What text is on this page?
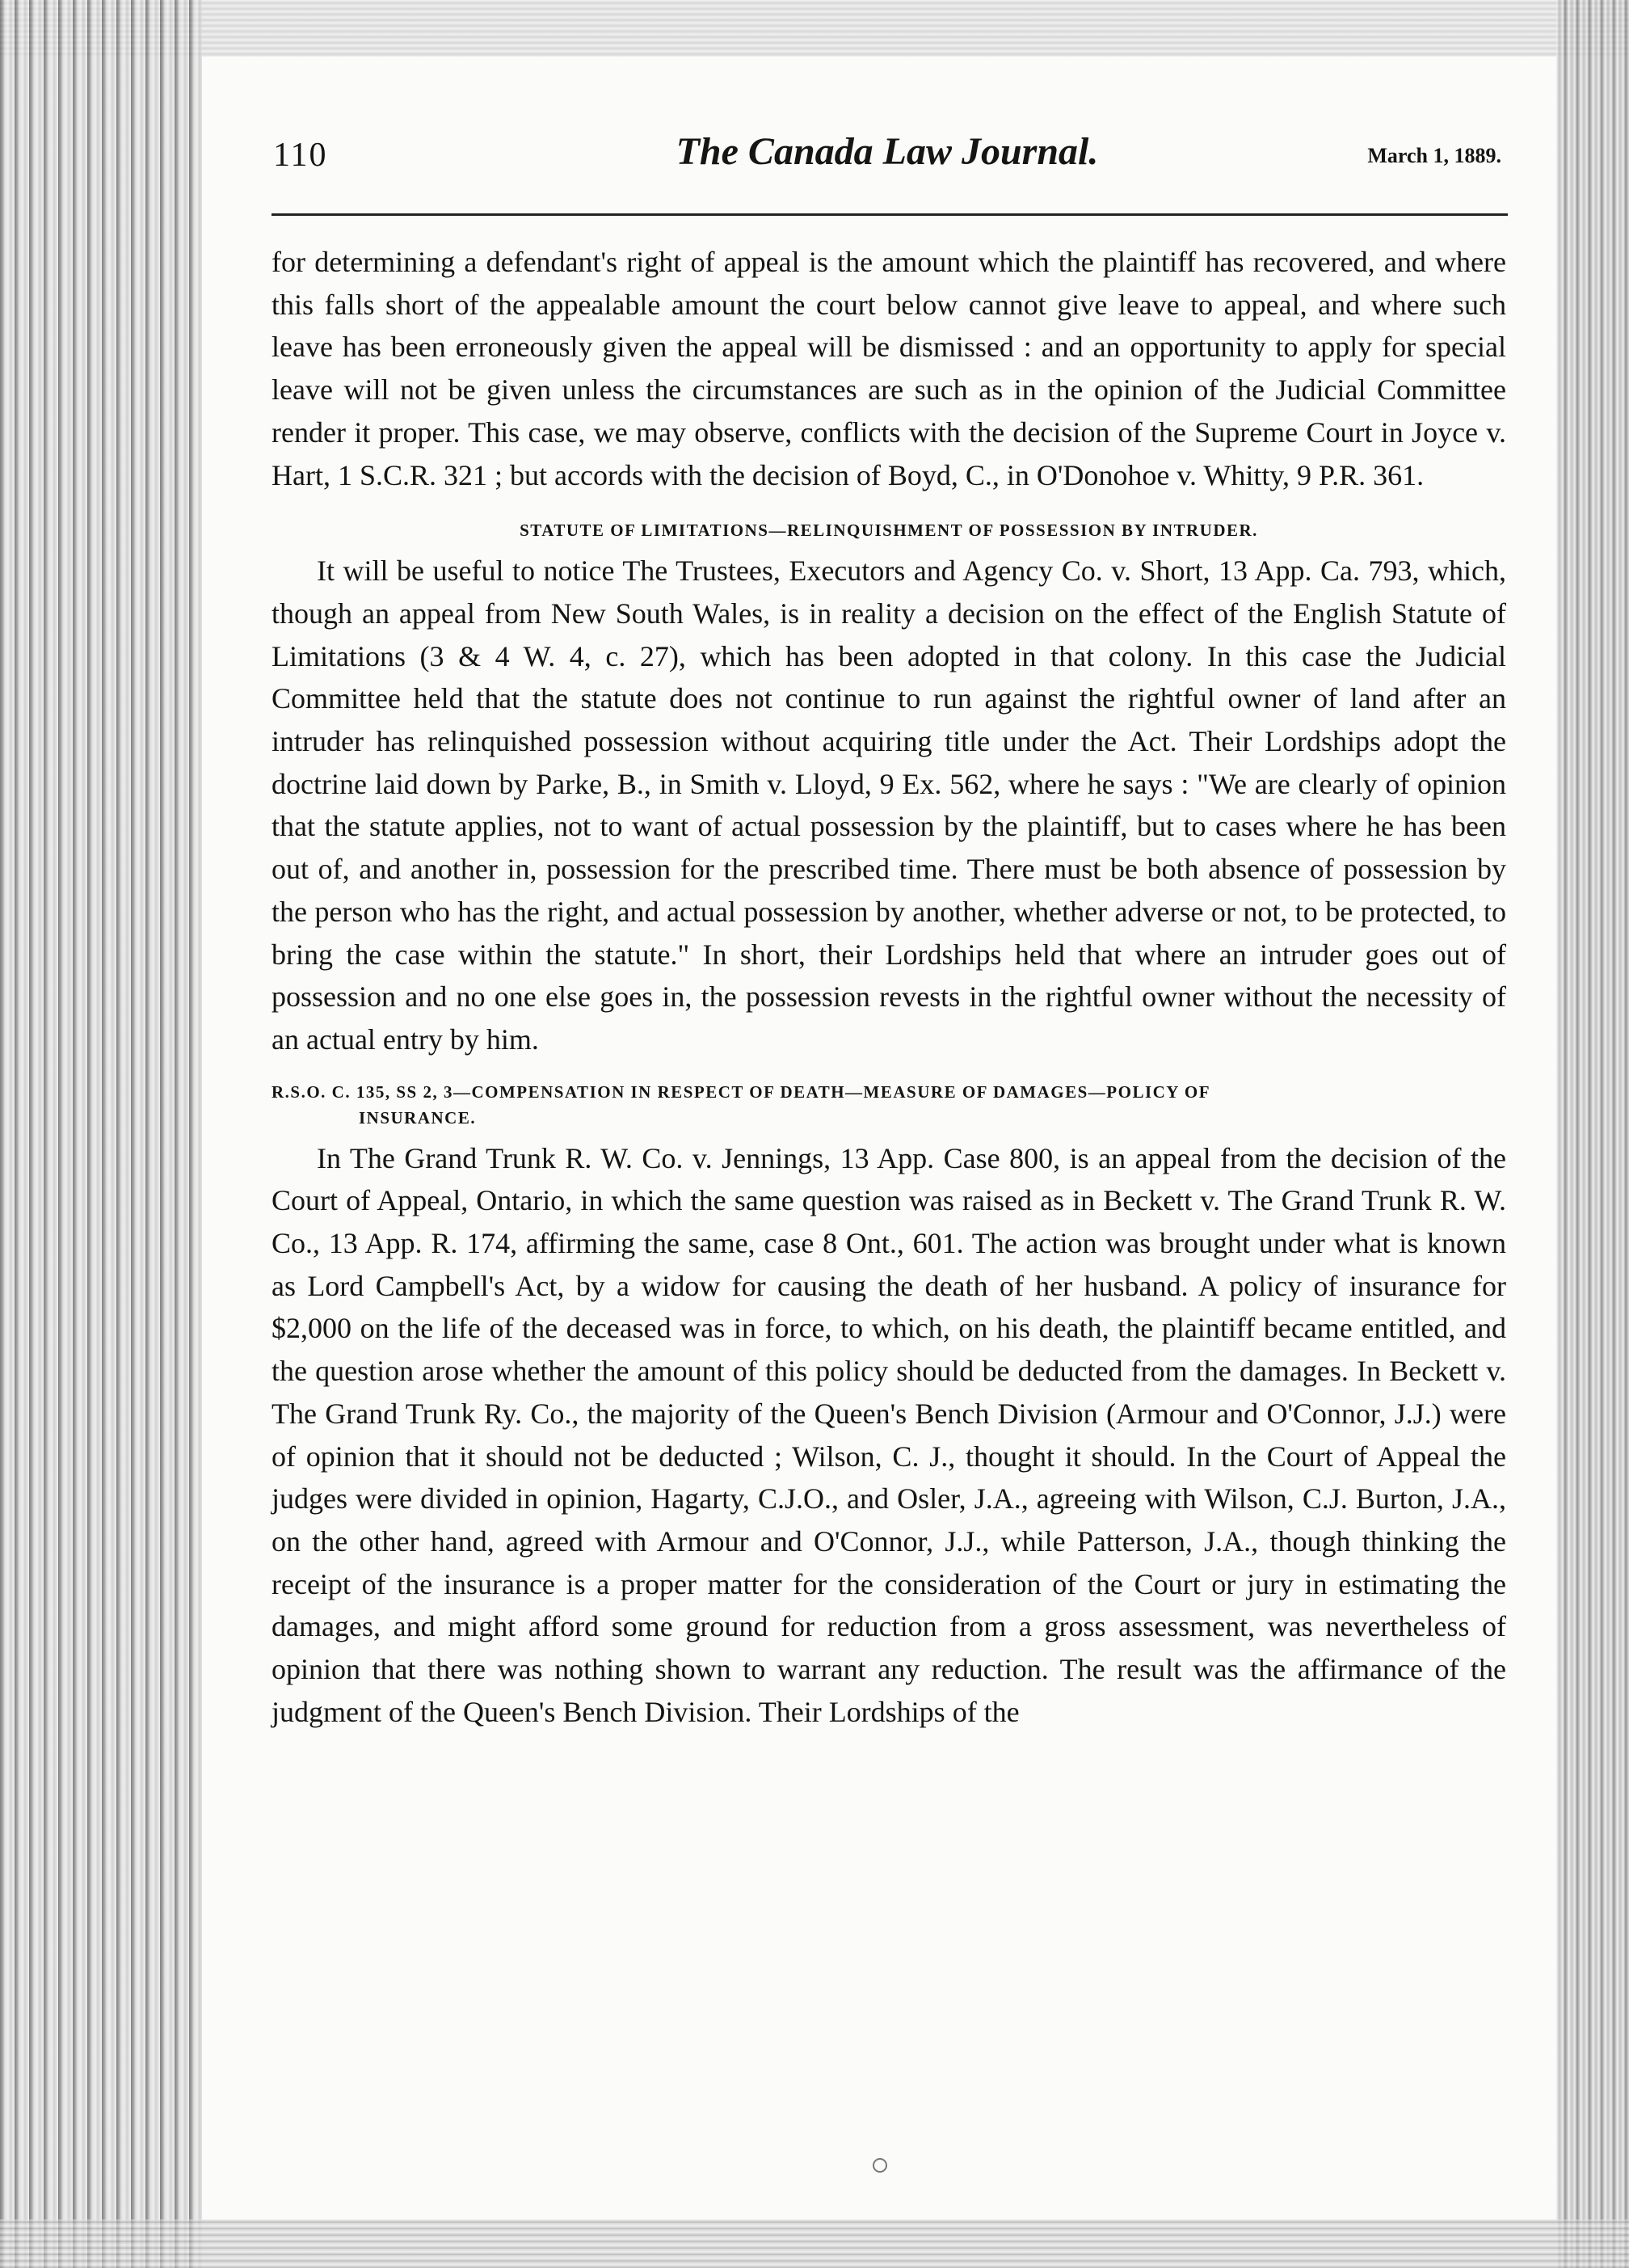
110	The Canada Law Journal.	March 1, 1889.

for determining a defendant's right of appeal is the amount which the plaintiff has recovered, and where this falls short of the appealable amount the court below cannot give leave to appeal, and where such leave has been erroneously given the appeal will be dismissed : and an opportunity to apply for special leave will not be given unless the circumstances are such as in the opinion of the Judicial Committee render it proper. This case, we may observe, conflicts with the decision of the Supreme Court in Joyce v. Hart, 1 S.C.R. 321 ; but accords with the decision of Boyd, C., in O'Donohoe v. Whitty, 9 P.R. 361.

STATUTE OF LIMITATIONS—RELINQUISHMENT OF POSSESSION BY INTRUDER.

It will be useful to notice The Trustees, Executors and Agency Co. v. Short, 13 App. Ca. 793, which, though an appeal from New South Wales, is in reality a decision on the effect of the English Statute of Limitations (3 & 4 W. 4, c. 27), which has been adopted in that colony. In this case the Judicial Committee held that the statute does not continue to run against the rightful owner of land after an intruder has relinquished possession without acquiring title under the Act. Their Lordships adopt the doctrine laid down by Parke, B., in Smith v. Lloyd, 9 Ex. 562, where he says : "We are clearly of opinion that the statute applies, not to want of actual possession by the plaintiff, but to cases where he has been out of, and another in, possession for the prescribed time. There must be both absence of possession by the person who has the right, and actual possession by another, whether adverse or not, to be protected, to bring the case within the statute." In short, their Lordships held that where an intruder goes out of possession and no one else goes in, the possession revests in the rightful owner without the necessity of an actual entry by him.

R.S.O. C. 135, SS 2, 3—COMPENSATION IN RESPECT OF DEATH—MEASURE OF DAMAGES—POLICY OF
INSURANCE.

In The Grand Trunk R. W. Co. v. Jennings, 13 App. Case 800, is an appeal from the decision of the Court of Appeal, Ontario, in which the same question was raised as in Beckett v. The Grand Trunk R. W. Co., 13 App. R. 174, affirming the same, case 8 Ont., 601. The action was brought under what is known as Lord Campbell's Act, by a widow for causing the death of her husband. A policy of insurance for $2,000 on the life of the deceased was in force, to which, on his death, the plaintiff became entitled, and the question arose whether the amount of this policy should be deducted from the damages. In Beckett v. The Grand Trunk Ry. Co., the majority of the Queen's Bench Division (Armour and O'Connor, J.J.) were of opinion that it should not be deducted ; Wilson, C. J., thought it should. In the Court of Appeal the judges were divided in opinion, Hagarty, C.J.O., and Osler, J.A., agreeing with Wilson, C.J. Burton, J.A., on the other hand, agreed with Armour and O'Connor, J.J., while Patterson, J.A., though thinking the receipt of the insurance is a proper matter for the consideration of the Court or jury in estimating the damages, and might afford some ground for reduction from a gross assessment, was nevertheless of opinion that there was nothing shown to warrant any reduction. The result was the affirmance of the judgment of the Queen's Bench Division. Their Lordships of the
